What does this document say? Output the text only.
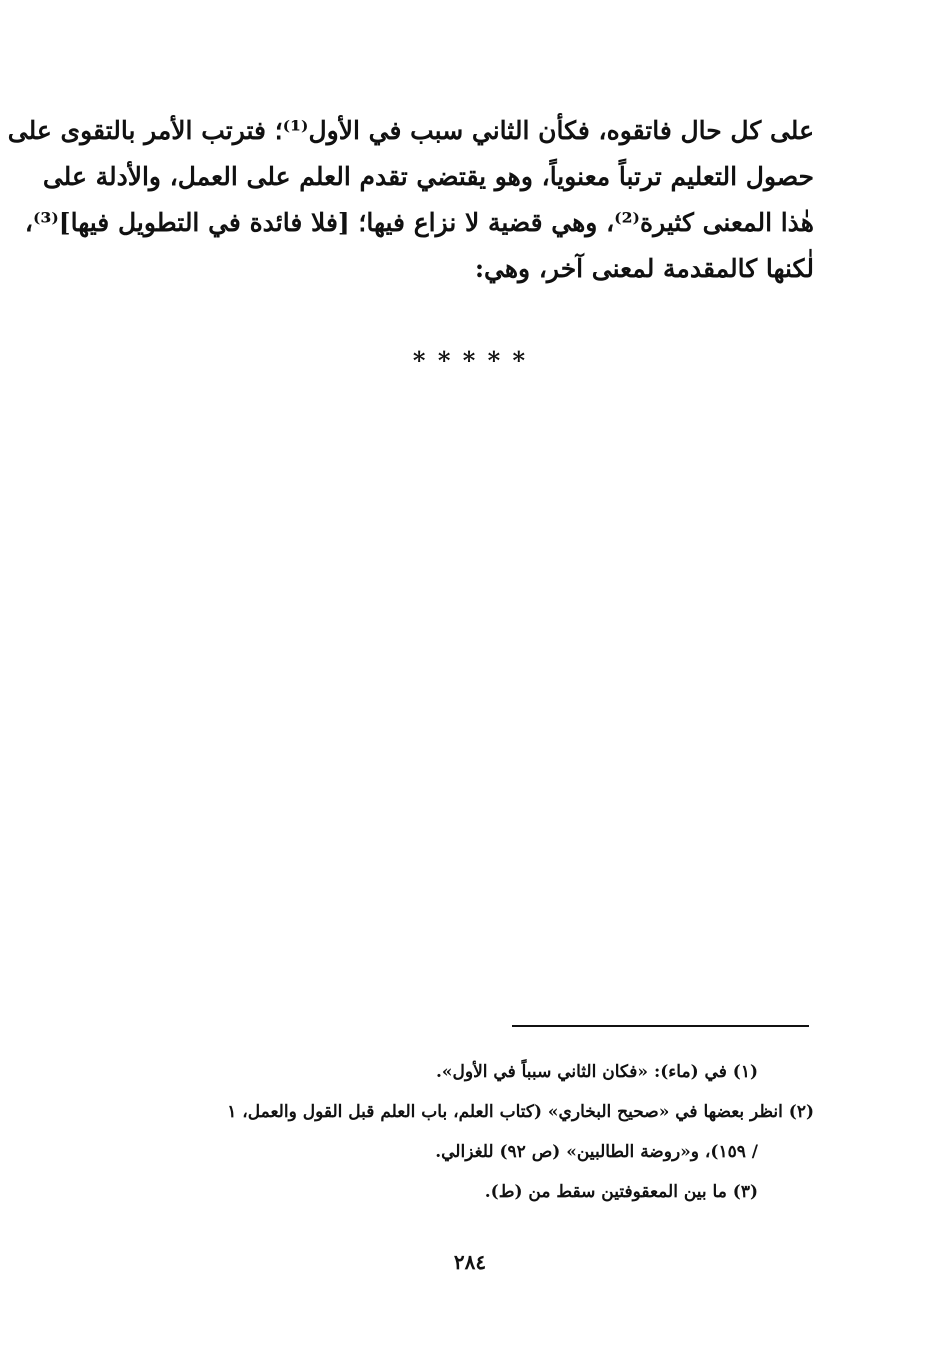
على كل حال فاتقوه، فكأن الثاني سبب في الأول⁽¹⁾؛ فترتب الأمر بالتقوى على
حصول التعليم ترتباً معنوياً، وهو يقتضي تقدم العلم على العمل، والأدلة على
هٰذا المعنى كثيرة⁽²⁾، وهي قضية لا نزاع فيها؛ [فلا فائدة في التطويل فيها]⁽³⁾،
لٰكنها كالمقدمة لمعنى آخر، وهي:
* * * * *
(١) في (ماء): «فكان الثاني سبباً في الأول».
(٢) انظر بعضها في «صحيح البخاري» (كتاب العلم، باب العلم قبل القول والعمل، ١
/ ١٥٩)، و«روضة الطالبين» (ص ٩٢) للغزالي.
(٣) ما بين المعقوفتين سقط من (ط).
٢٨٤
